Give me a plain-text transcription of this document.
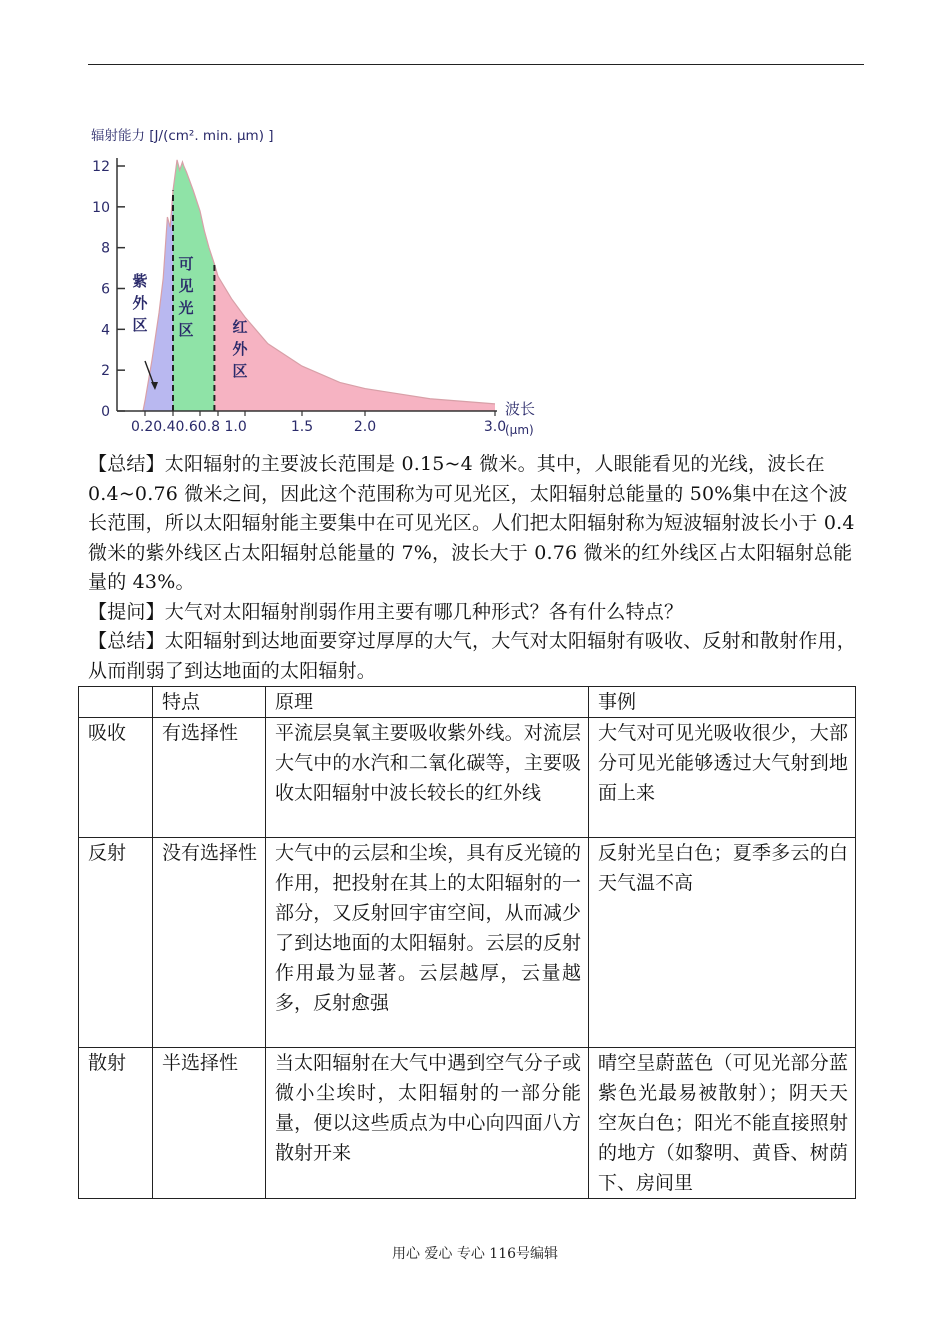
0
2
4
6
8
10
12
0.20.40.60.8 1.0	1.5	2.0	3.0
辐射能力 [J/(cm². min. μm) ]
波长
(μm)
紫
外
区
可
见
光
区	红
外
区

【总结】太阳辐射的主要波长范围是 0.15~4 微米。其中，人眼能看见的光线，波长在 0.4~0.76 微米之间，因此这个范围称为可见光区，太阳辐射总能量的 50%集中在这个波长范围，所以太阳辐射能主要集中在可见光区。人们把太阳辐射称为短波辐射波长小于 0.4 微米的紫外线区占太阳辐射总能量的 7%，波长大于 0.76 微米的红外线区占太阳辐射总能量的 43%。

【提问】大气对太阳辐射削弱作用主要有哪几种形式？各有什么特点？

【总结】太阳辐射到达地面要穿过厚厚的大气，大气对太阳辐射有吸收、反射和散射作用，从而削弱了到达地面的太阳辐射。

	特点	原理	事例
吸收	有选择性	平流层臭氧主要吸收紫外线。对流层大气中的水汽和二氧化碳等，主要吸收太阳辐射中波长较长的红外线	大气对可见光吸收很少，大部分可见光能够透过大气射到地面上来
反射	没有选择性	大气中的云层和尘埃，具有反光镜的作用，把投射在其上的太阳辐射的一部分，又反射回宇宙空间，从而减少了到达地面的太阳辐射。云层的反射作用最为显著。云层越厚，云量越多，反射愈强	反射光呈白色；夏季多云的白天气温不高
散射	半选择性	当太阳辐射在大气中遇到空气分子或微小尘埃时，太阳辐射的一部分能量，便以这些质点为中心向四面八方散射开来	晴空呈蔚蓝色（可见光部分蓝紫色光最易被散射）；阴天天空灰白色；阳光不能直接照射的地方（如黎明、黄昏、树荫下、房间里
用心 爱心 专心 116号编辑
